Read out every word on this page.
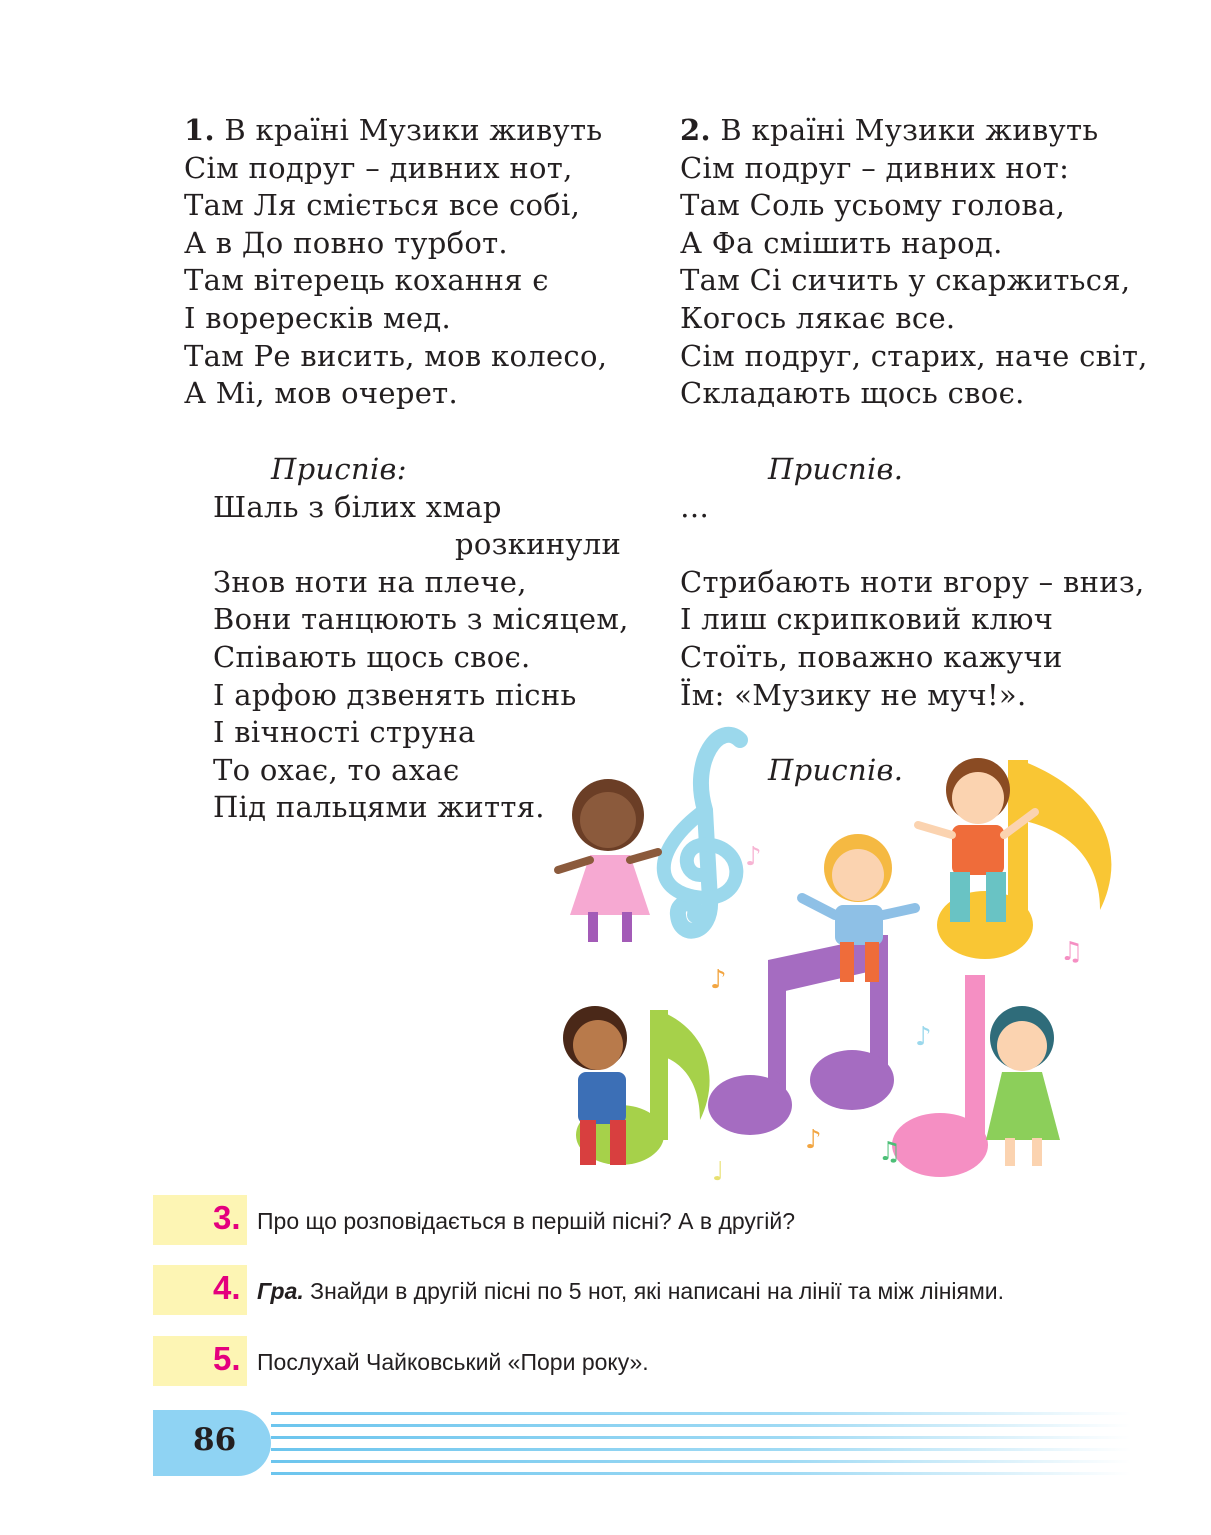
1. В країні Музики живуть
Сім подруг – дивних нот,
Там Ля сміється все собі,
А в До повно турбот.
Там вітерець кохання є
І ворересків мед.
Там Ре висить, мов колесо,
А Мі, мов очерет.
2. В країні Музики живуть
Сім подруг – дивних нот:
Там Соль усьому голова,
А Фа смішить народ.
Там Сі сичить у скаржиться,
Когось лякає все.
Сім подруг, старих, наче світ,
Складають щось своє.
Приспів:
Шаль з білих хмар
розкинули
Знов ноти на плече,
Вони танцюють з місяцем,
Співають щось своє.
І арфою дзвенять піснь
І вічності струна
То охає, то ахає
Під пальцями життя.
Приспів.
…
Стрибають ноти вгору – вниз,
І лиш скрипковий ключ
Стоїть, поважно кажучи
Їм: «Музику не муч!».
Приспів.
♪
♪
♪
♫
♪ ♫
♩
3. Про що розповідається в першій пісні? А в другій?
4. Гра. Знайди в другій пісні по 5 нот, які написані на лінії та між лініями.
5. Послухай Чайковський «Пори року».
86
